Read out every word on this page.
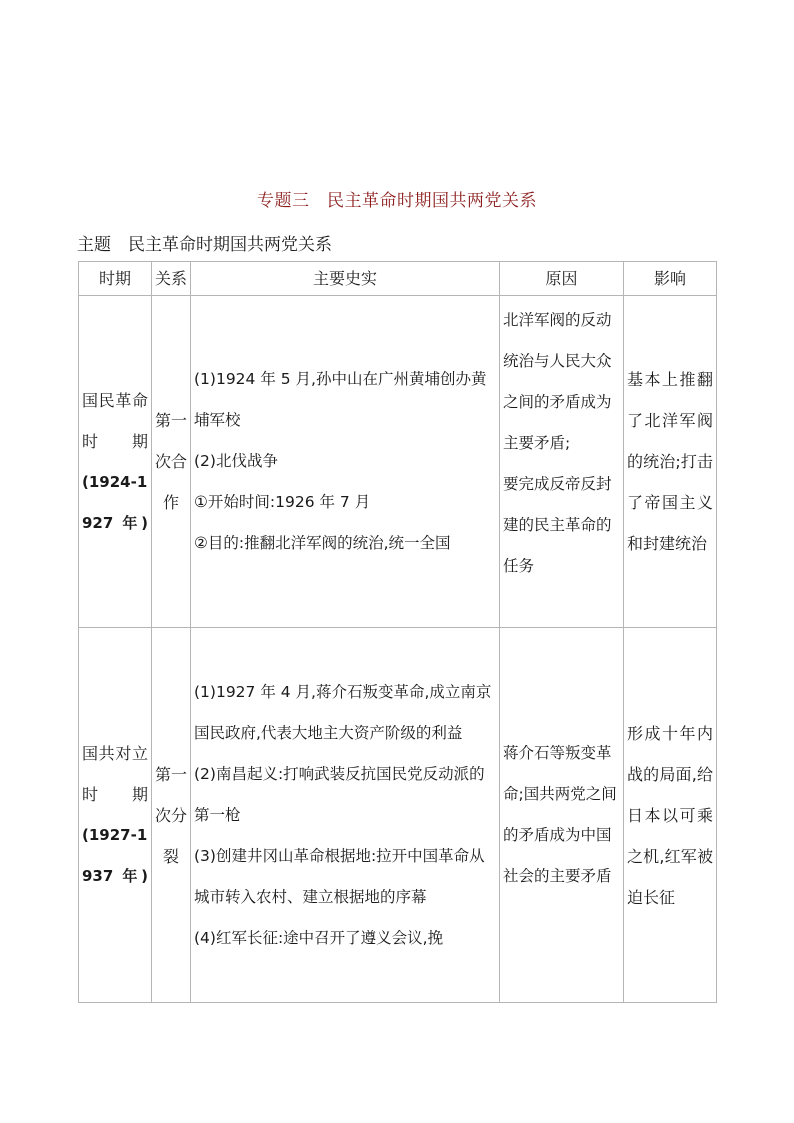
专题三　民主革命时期国共两党关系
主题　民主革命时期国共两党关系
时期	关系	主要史实	原因	影响

国民革命时期
(1924-1927 年)	第一次合作	(1)1924 年 5 月,孙中山在广州黄埔创办黄埔军校
(2)北伐战争
①开始时间:1926 年 7 月
②目的:推翻北洋军阀的统治,统一全国	北洋军阀的反动统治与人民大众之间的矛盾成为主要矛盾;
要完成反帝反封建的民主革命的任务	基本上推翻了北洋军阀的统治;打击了帝国主义和封建统治

国共对立时期
(1927-1937 年)	第一次分裂	(1)1927 年 4 月,蒋介石叛变革命,成立南京国民政府,代表大地主大资产阶级的利益
(2)南昌起义:打响武装反抗国民党反动派的第一枪
(3)创建井冈山革命根据地:拉开中国革命从城市转入农村、建立根据地的序幕
(4)红军长征:途中召开了遵义会议,挽	蒋介石等叛变革命;国共两党之间的矛盾成为中国社会的主要矛盾	形成十年内战的局面,给日本以可乘之机,红军被迫长征
